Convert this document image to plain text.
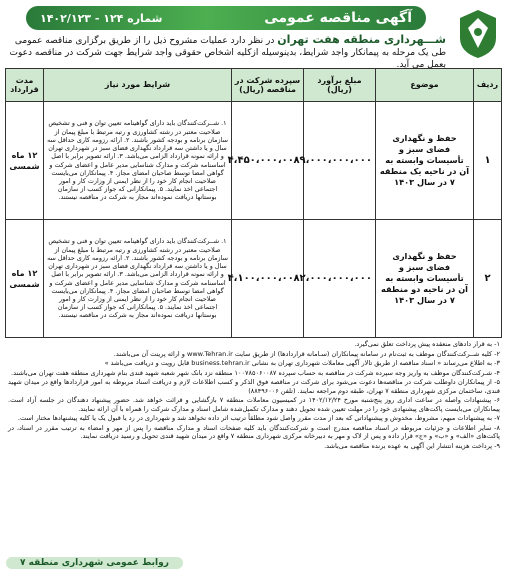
آگهی مناقصه عمومی
شماره ۱۲۴ - ۱۴۰۲/۱۲۳
شـــهرداری منطقه هفت تهران در نظر دارد عملیات مشروح ذیل را از طریق برگزاری مناقصه عمومی طی یک مرحله به پیمانکار واجد شرایط، بدینوسیله ازکلیه اشخاص حقوقی واجد شرایط جهت شرکت در مناقصه دعوت بعمل می آید.
ردیف	موضوع	مبلغ برآورد (ریال)	سپرده شرکت در مناقصه (ریال)	شرایط مورد نیاز	مدت قرارداد
۱	حفظ و نگهداری فضای سبز و تأسیسات وابسته به آن در ناحیه یک منطقه ۷ در سال ۱۴۰۳	۸۹،۰۰۰،۰۰۰،۰۰۰	۴،۴۵۰،۰۰۰،۰۰۰	۱. شــرکت‌کنندگان باید دارای گواهینامه تعیین توان و فنی و تشخیص صلاحیت معتبر در رشته کشاورزی و رتبه مرتبط با مبلغ پیمان از سازمان برنامه و بودجه کشور باشند. ۲. ارائه رزومه کاری حداقل سه سال و یا داشتن سه قرارداد نگهداری فضای سبز در شهرداری تهران و ارائه نمونه قرارداد الزامی می‌باشد. ۳. ارائه تصویر برابر با اصل اساسنامه شرکت و مدارک شناسایی مدیر عامل و اعضای شرکت و گواهی امضا توسط صاحبان امضای مجاز. ۴. پیمانکاران می‌بایست صلاحیت انجام کار خود را از نظر ایمنی از وزارت کار و امور اجتماعی اخذ نمایند. ۵. پیمانکارانی که جواز کسب از سازمان بوستانها دریافت نموده‌اند مجاز به شرکت در مناقصه نیستند.	۱۲ ماه شمسی
۲	حفظ و نگهداری فضای سبز و تأسیسات وابسته به آن در ناحیه دو منطقه ۷ در سال ۱۴۰۳	۸۲،۰۰۰،۰۰۰،۰۰۰	۴،۱۰۰،۰۰۰،۰۰۰	۱. شــرکت‌کنندگان باید دارای گواهینامه تعیین توان و فنی و تشخیص صلاحیت معتبر در رشته کشاورزی و رتبه مرتبط با مبلغ پیمان از سازمان برنامه و بودجه کشور باشند. ۲. ارائه رزومه کاری حداقل سه سال و یا داشتن سه قرارداد نگهداری فضای سبز در شهرداری تهران و ارائه نمونه قرارداد الزامی می‌باشد. ۳. ارائه تصویر برابر با اصل اساسنامه شرکت و مدارک شناسایی مدیر عامل و اعضای شرکت و گواهی امضا توسط صاحبان امضای مجاز. ۴. پیمانکاران می‌بایست صلاحیت انجام کار خود را از نظر ایمنی از وزارت کار و امور اجتماعی اخذ نمایند. ۵. پیمانکارانی که جواز کسب از سازمان بوستانها دریافت نموده‌اند مجاز به شرکت در مناقصه نیستند.	۱۲ ماه شمسی

۱- به قرار دادهای منعقده پیش پرداخت تعلق نمی‌گیرد.

۲- کلیه شــرکت‌کنندگان موظف به ثبت‌نام در سامانه پیمانکاران (سـامانه قرارداد‌ها) از طریق سایت www.Tehran.ir و ارائه پرینت آن می‌باشند.

۳- به اطلاع می‌رساند « اسناد مناقصه از طریق تالار آگهی معاملات شهرداری تهران به نشانی business.tehran.ir قابل رویت و دریافت می‌باشد »

۴- شـرکت‌کنندگان موظف به واریز وجه سپرده شرکت در مناقصه به حساب سپرده ۱۰۰۷۸۵۰۶۰۰۸۷ منطقه نزد بانک شهر شعبه شهید قندی بنام شهرداری منطقه هفت تهران می‌باشند.

۵- از پیمانکاران داوطلب شرکت در مناقصه‌ها دعوت می‌شود برای شرکت در مناقصه فوق الذکر و کسب اطلاعات لازم و دریافت اسناد مربوطه به امور قراردادها واقع در میدان شهید قندی، ساختمان مرکزی شهرداری منطقه ۷ تهران، طبقه دوم مراجعه نمایند. (تلفن ۸۸۴۹۶۰۰۶)

۶- پیشنهادات واصله در ساعت اداری روز پنج‌شنبه مورخ ۱۴۰۲/۱۲/۲۴ در کمیسیون معاملات منطقه ۷ بازگشایی و قرائت خواهد شد. حضور پیشنهاد دهندگان در جلسه آزاد است. پیمانکاران می‌بایست پاکت‌های پیشنهادی خود را در مهلت تعیین شده تحویل دهند و مدارک تکمیل‌شده شامل اسناد و مدارک شرکت را همراه با آن ارائه نمایند.

۷- به پیشنهادات مبهم، مشروط، مخدوش و پیشنهاداتی که بعد از مدت مقرر واصل شود مطلقاً ترتیب اثر داده نخواهد شد و شهرداری در رد یا قبول یک یا کلیه پیشنهادها مختار است.

۸- سایر اطلاعات و جزئیات مربوطه در اسناد مناقصه مندرج است و شرکت‌کنندگان باید کلیه صفحات اسناد و مدارک مناقصه را پس از مهر و امضاء به ترتیب مقرر در اسناد، در پاکت‌های «الف» و «ب» و «ج» قرار داده و پس از لاک و مهر به دبیرخانه مرکزی شهرداری منطقه ۷ واقع در میدان شهید قندی تحویل و رسید دریافت نمایند.

۹- پرداخت هزینه انتشار این آگهی به عهده برنده مناقصه می‌باشد.

روابط عمومی شهرداری منطقه ۷
